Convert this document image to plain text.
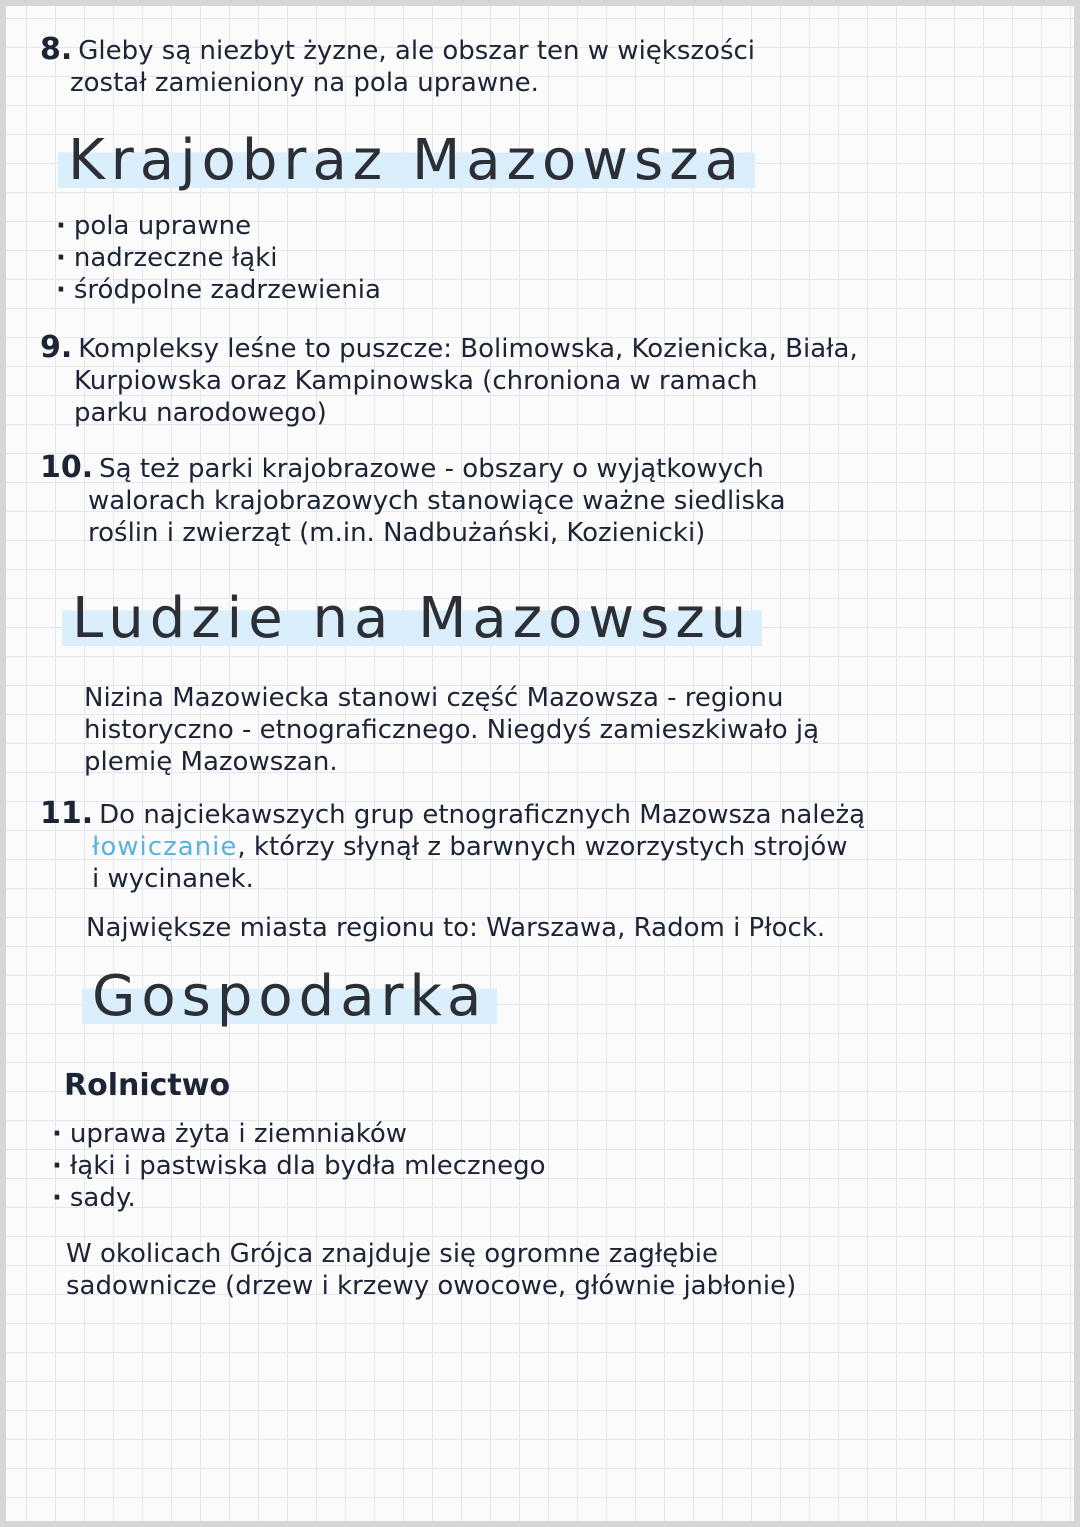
8. Gleby są niezbyt żyzne, ale obszar ten w większości
został zamieniony na pola uprawne.
Krajobraz Mazowsza
· pola uprawne
· nadrzeczne łąki
· śródpolne zadrzewienia
9. Kompleksy leśne to puszcze: Bolimowska, Kozienicka, Biała,
Kurpiowska oraz Kampinowska (chroniona w ramach
parku narodowego)
10. Są też parki krajobrazowe - obszary o wyjątkowych
walorach krajobrazowych stanowiące ważne siedliska
roślin i zwierząt (m.in. Nadbużański, Kozienicki)
Ludzie na Mazowszu
Nizina Mazowiecka stanowi część Mazowsza - regionu
historyczno - etnograficznego. Niegdyś zamieszkiwało ją
plemię Mazowszan.
11. Do najciekawszych grup etnograficznych Mazowsza należą
łowiczanie, którzy słynął z barwnych wzorzystych strojów
i wycinanek.
Największe miasta regionu to: Warszawa, Radom i Płock.
Gospodarka
Rolnictwo
· uprawa żyta i ziemniaków
· łąki i pastwiska dla bydła mlecznego
· sady.
W okolicach Grójca znajduje się ogromne zagłębie
sadownicze (drzew i krzewy owocowe, głównie jabłonie)
